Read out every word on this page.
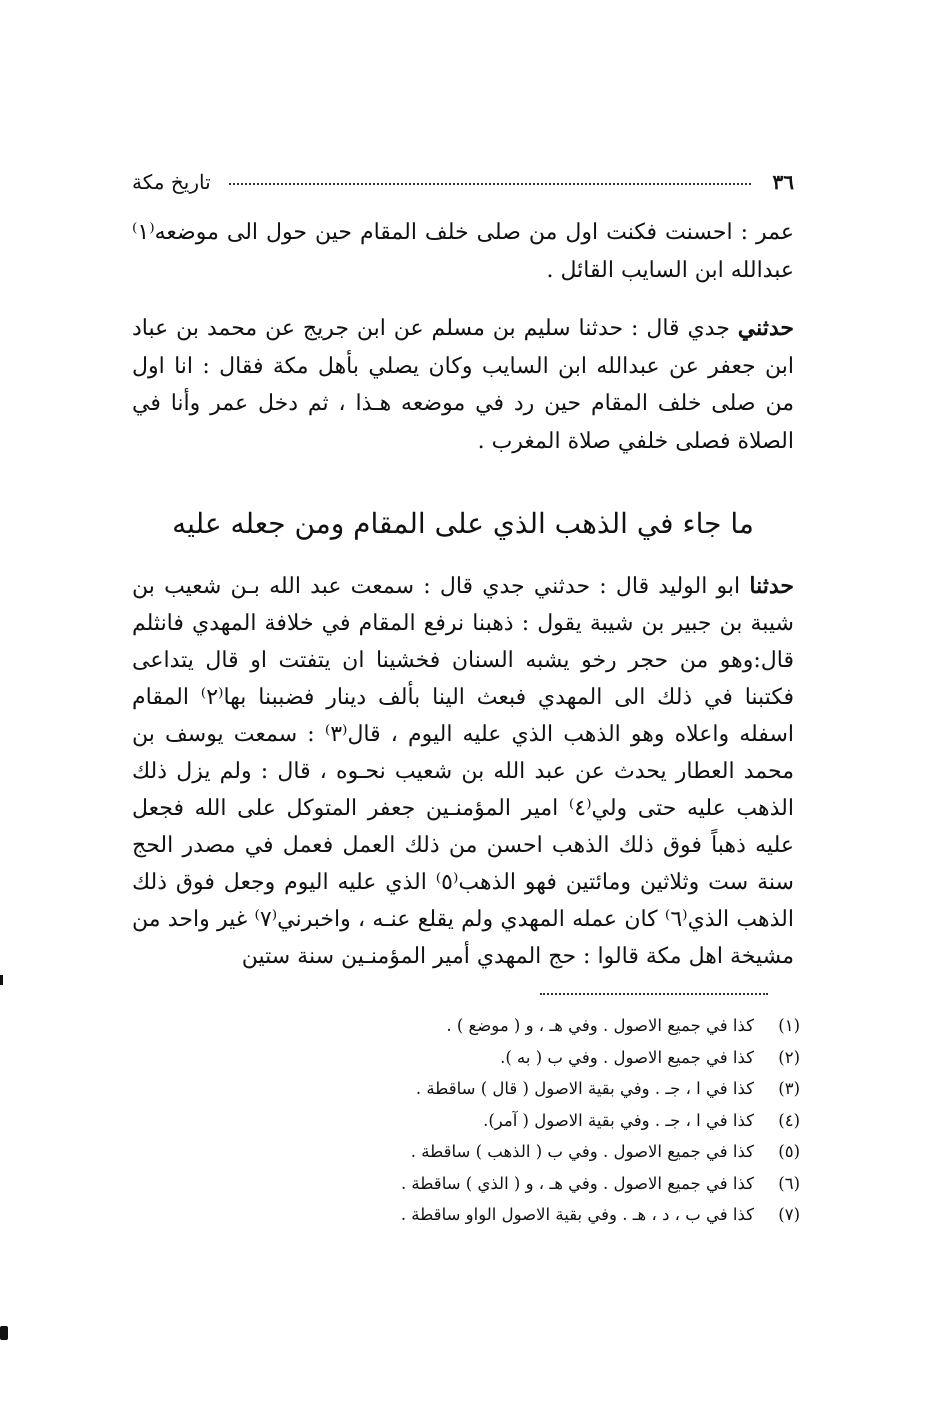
٣٦
تاريخ مكة

عمر : احسنت فكنت اول من صلى خلف المقام حين حول الى موضعه⁽١⁾ عبدالله ابن السايب القائل .

حدثني جدي قال : حدثنا سليم بن مسلم عن ابن جريج عن محمد بن عباد ابن جعفر عن عبدالله ابن السايب وكان يصلي بأهل مكة فقال : انا اول من صلى خلف المقام حين رد في موضعه هـذا ، ثم دخل عمر وأنا في الصلاة فصلى خلفي صلاة المغرب .

ما جاء في الذهب الذي على المقام ومن جعله عليه

حدثنا ابو الوليد قال : حدثني جدي قال : سمعت عبد الله بـن شعيب بن شيبة بن جبير بن شيبة يقول : ذهبنا نرفع المقام في خلافة المهدي فانثلم قال:وهو من حجر رخو يشبه السنان فخشينا ان يتفتت او قال يتداعى فكتبنا في ذلك الى المهدي فبعث الينا بألف دينار فضببنا بها⁽٢⁾ المقام اسفله واعلاه وهو الذهب الذي عليه اليوم ، قال⁽٣⁾ : سمعت يوسف بن محمد العطار يحدث عن عبد الله بن شعيب نحـوه ، قال : ولم يزل ذلك الذهب عليه حتى ولي⁽٤⁾ امير المؤمنـين جعفر المتوكل على الله فجعل عليه ذهباً فوق ذلك الذهب احسن من ذلك العمل فعمل في مصدر الحج سنة ست وثلاثين ومائتين فهو الذهب⁽٥⁾ الذي عليه اليوم وجعل فوق ذلك الذهب الذي⁽٦⁾ كان عمله المهدي ولم يقلع عنـه ، واخبرني⁽٧⁾ غير واحد من مشيخة اهل مكة قالوا : حج المهدي أمير المؤمنـين سنة ستين

(١)
كذا في جميع الاصول . وفي هـ ، و ( موضع ) .
(٢)
كذا في جميع الاصول . وفي ب ( به ).
(٣)
كذا في ا ، جـ . وفي بقية الاصول ( قال ) ساقطة .
(٤)
كذا في ا ، جـ . وفي بقية الاصول ( آمر).
(٥)
كذا في جميع الاصول . وفي ب ( الذهب ) ساقطة .
(٦)
كذا في جميع الاصول . وفي هـ ، و ( الذي ) ساقطة .
(٧)
كذا في ب ، د ، هـ . وفي بقية الاصول الواو ساقطة .
